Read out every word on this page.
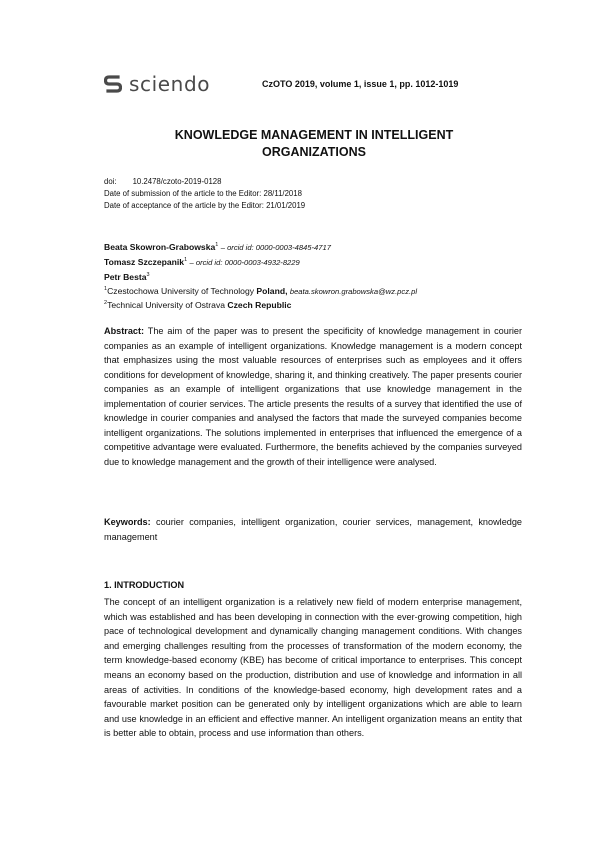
sciendo	CzOTO 2019, volume 1, issue 1, pp. 1012-1019
KNOWLEDGE MANAGEMENT IN INTELLIGENT
ORGANIZATIONS
doi: 10.2478/czoto-2019-0128
Date of submission of the article to the Editor: 28/11/2018
Date of acceptance of the article by the Editor: 21/01/2019
Beata Skowron-Grabowska$^1$ – orcid id: 0000-0003-4845-4717
Tomasz Szczepanik$^1$ – orcid id: 0000-0003-4932-8229
Petr Besta$^3$
$^1$Czestochowa University of Technology Poland, beata.skowron.grabowska@wz.pcz.pl
$^2$Technical University of Ostrava Czech Republic
Abstract: The aim of the paper was to present the specificity of knowledge management in courier companies as an example of intelligent organizations. Knowledge management is a modern concept that emphasizes using the most valuable resources of enterprises such as employees and it offers conditions for development of knowledge, sharing it, and thinking creatively. The paper presents courier companies as an example of intelligent organizations that use knowledge management in the implementation of courier services. The article presents the results of a survey that identified the use of knowledge in courier companies and analysed the factors that made the surveyed companies become intelligent organizations. The solutions implemented in enterprises that influenced the emergence of a competitive advantage were evaluated. Furthermore, the benefits achieved by the companies surveyed due to knowledge management and the growth of their intelligence were analysed.
Keywords: courier companies, intelligent organization, courier services, management, knowledge management
1. INTRODUCTION
The concept of an intelligent organization is a relatively new field of modern enterprise management, which was established and has been developing in connection with the ever-growing competition, high pace of technological development and dynamically changing management conditions. With changes and emerging challenges resulting from the processes of transformation of the modern economy, the term knowledge-based economy (KBE) has become of critical importance to enterprises. This concept means an economy based on the production, distribution and use of knowledge and information in all areas of activities. In conditions of the knowledge-based economy, high development rates and a favourable market position can be generated only by intelligent organizations which are able to learn and use knowledge in an efficient and effective manner. An intelligent organization means an entity that is better able to obtain, process and use information than others.
